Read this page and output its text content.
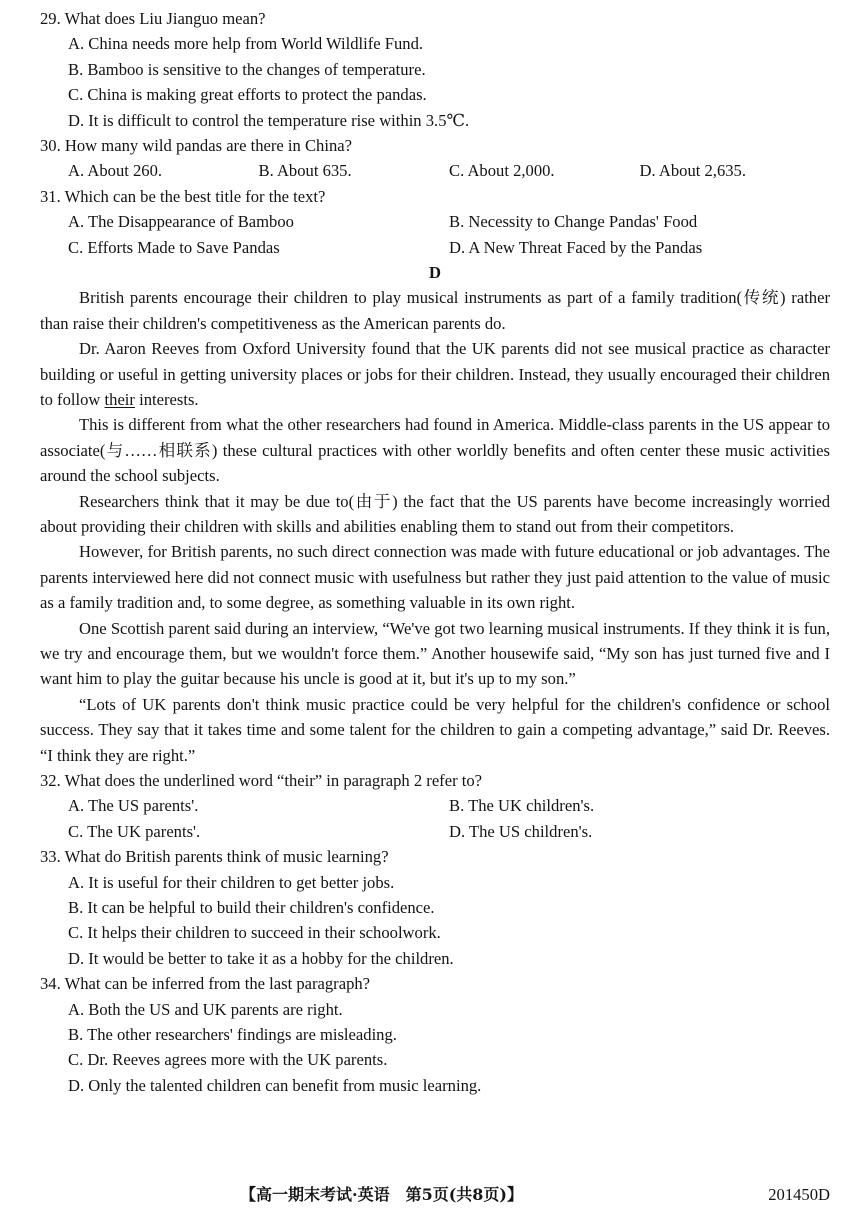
29. What does Liu Jianguo mean?
A. China needs more help from World Wildlife Fund.
B. Bamboo is sensitive to the changes of temperature.
C. China is making great efforts to protect the pandas.
D. It is difficult to control the temperature rise within 3.5℃.
30. How many wild pandas are there in China?
A. About 260.	B. About 635.	C. About 2,000.	D. About 2,635.
31. Which can be the best title for the text?
A. The Disappearance of Bamboo	B. Necessity to Change Pandas' Food
C. Efforts Made to Save Pandas	D. A New Threat Faced by the Pandas
D

British parents encourage their children to play musical instruments as part of a family tradition(传统) rather than raise their children's competitiveness as the American parents do.

Dr. Aaron Reeves from Oxford University found that the UK parents did not see musical practice as character building or useful in getting university places or jobs for their children. Instead, they usually encouraged their children to follow their interests.

This is different from what the other researchers had found in America. Middle-class parents in the US appear to associate(与……相联系) these cultural practices with other worldly benefits and often center these music activities around the school subjects.

Researchers think that it may be due to(由于) the fact that the US parents have become increasingly worried about providing their children with skills and abilities enabling them to stand out from their competitors.

However, for British parents, no such direct connection was made with future educational or job advantages. The parents interviewed here did not connect music with usefulness but rather they just paid attention to the value of music as a family tradition and, to some degree, as something valuable in its own right.

One Scottish parent said during an interview, “We've got two learning musical instruments. If they think it is fun, we try and encourage them, but we wouldn't force them.” Another housewife said, “My son has just turned five and I want him to play the guitar because his uncle is good at it, but it's up to my son.”

“Lots of UK parents don't think music practice could be very helpful for the children's confidence or school success. They say that it takes time and some talent for the children to gain a competing advantage,” said Dr. Reeves. “I think they are right.”

32. What does the underlined word “their” in paragraph 2 refer to?
A. The US parents'.	B. The UK children's.
C. The UK parents'.	D. The US children's.
33. What do British parents think of music learning?
A. It is useful for their children to get better jobs.
B. It can be helpful to build their children's confidence.
C. It helps their children to succeed in their schoolwork.
D. It would be better to take it as a hobby for the children.
34. What can be inferred from the last paragraph?
A. Both the US and UK parents are right.
B. The other researchers' findings are misleading.
C. Dr. Reeves agrees more with the UK parents.
D. Only the talented children can benefit from music learning.
【高一期末考试·英语　第5页(共8页)】	201450D
